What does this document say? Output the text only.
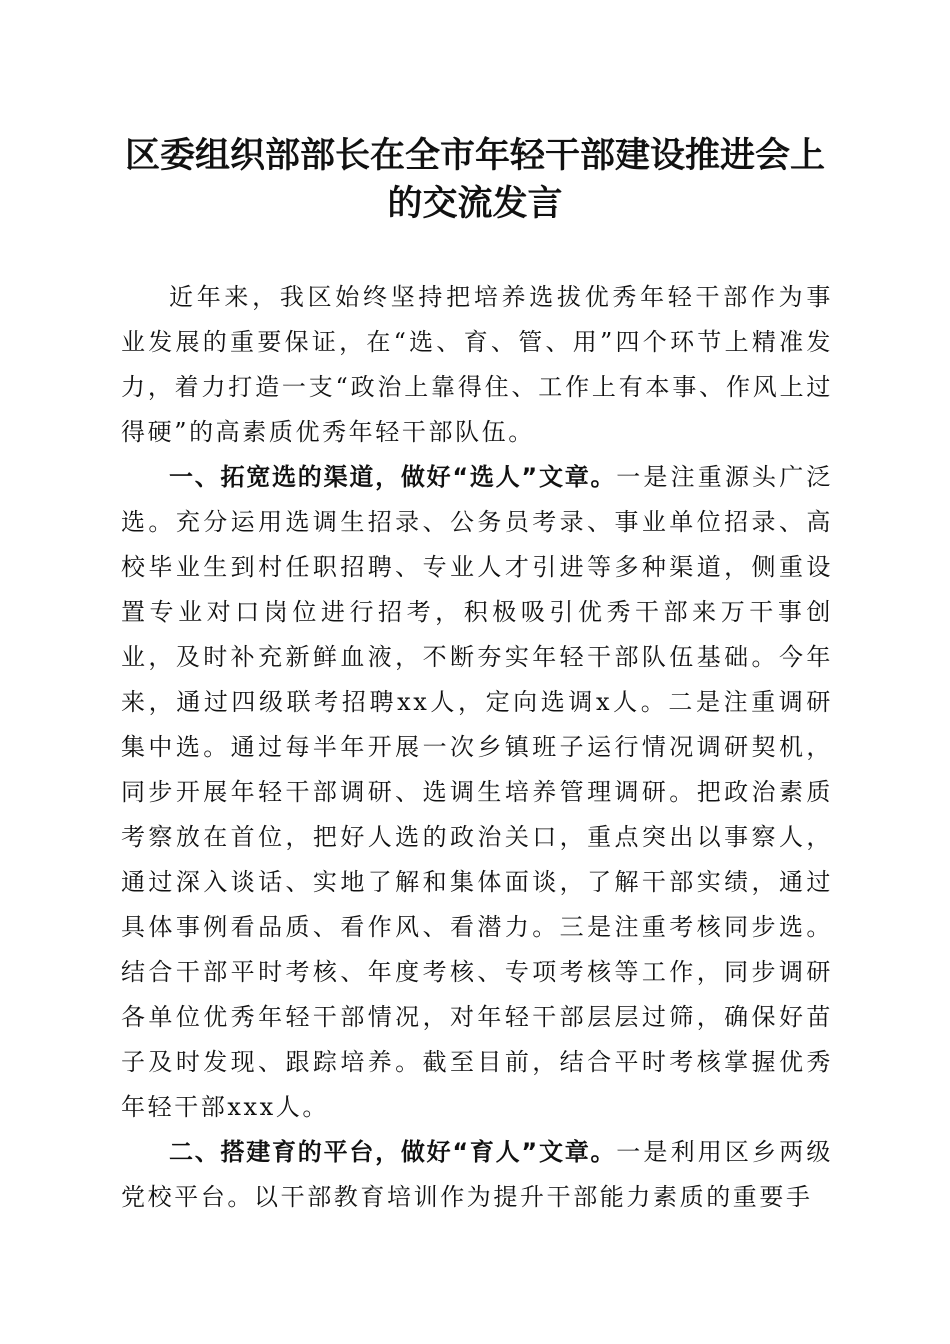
区委组织部部长在全市年轻干部建设推进会上
的交流发言

近年来，我区始终坚持把培养选拔优秀年轻干部作为事业发展的重要保证，在“选、育、管、用”四个环节上精准发力，着力打造一支“政治上靠得住、工作上有本事、作风上过得硬”的高素质优秀年轻干部队伍。

一、拓宽选的渠道，做好“选人”文章。一是注重源头广泛选。充分运用选调生招录、公务员考录、事业单位招录、高校毕业生到村任职招聘、专业人才引进等多种渠道，侧重设置专业对口岗位进行招考，积极吸引优秀干部来万干事创业，及时补充新鲜血液，不断夯实年轻干部队伍基础。今年来，通过四级联考招聘xx人，定向选调x人。二是注重调研集中选。通过每半年开展一次乡镇班子运行情况调研契机，同步开展年轻干部调研、选调生培养管理调研。把政治素质考察放在首位，把好人选的政治关口，重点突出以事察人，通过深入谈话、实地了解和集体面谈，了解干部实绩，通过具体事例看品质、看作风、看潜力。三是注重考核同步选。结合干部平时考核、年度考核、专项考核等工作，同步调研各单位优秀年轻干部情况，对年轻干部层层过筛，确保好苗子及时发现、跟踪培养。截至目前，结合平时考核掌握优秀年轻干部xxx人。

二、搭建育的平台，做好“育人”文章。一是利用区乡两级党校平台。以干部教育培训作为提升干部能力素质的重要手
